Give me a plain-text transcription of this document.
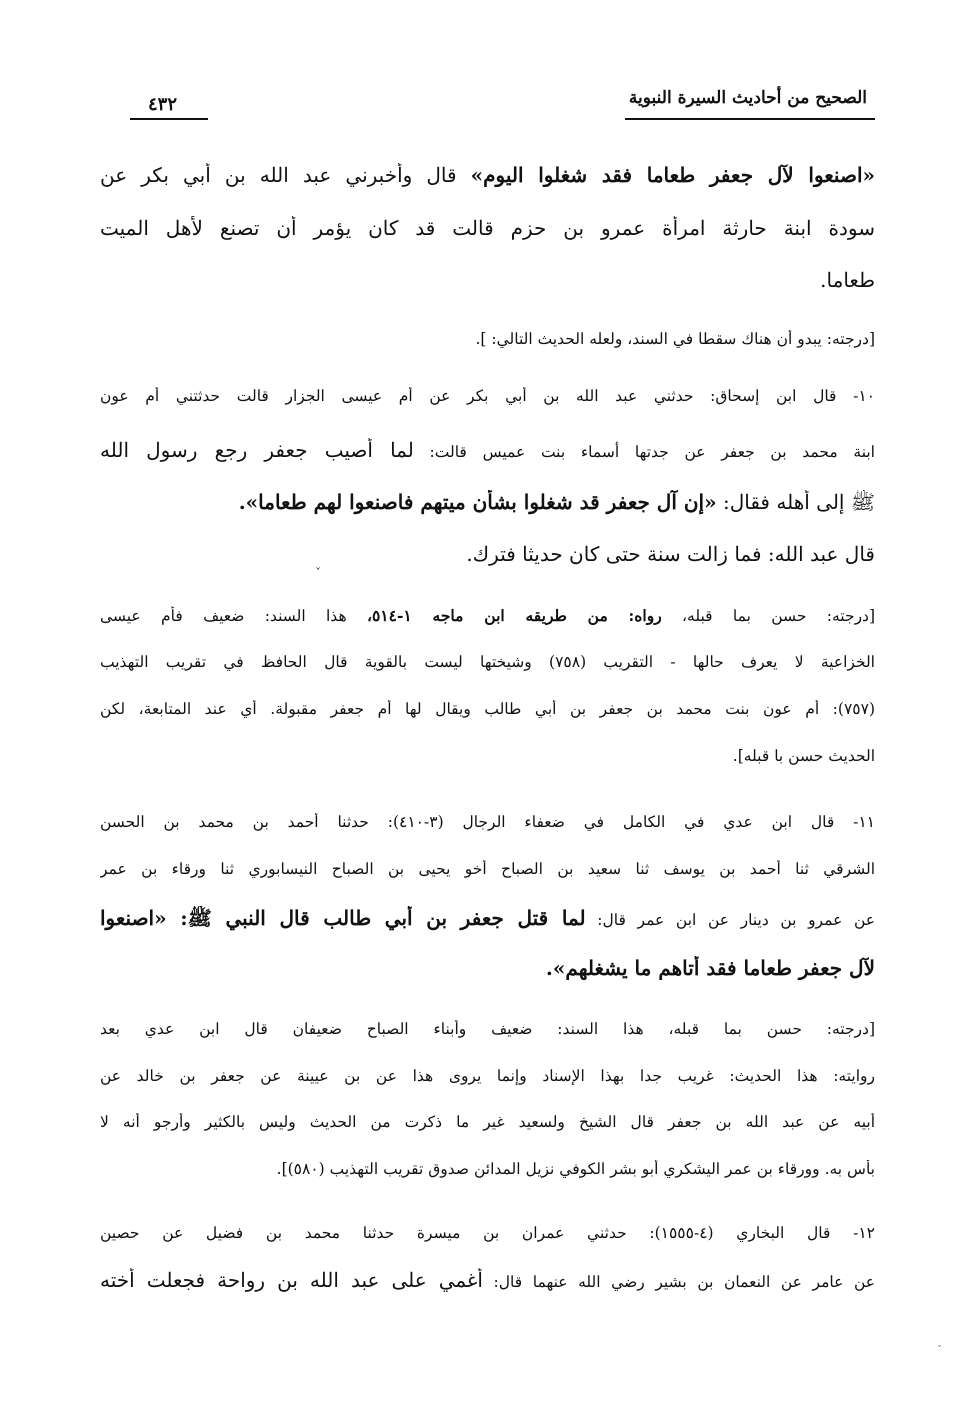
الصحيح من أحاديث السيرة النبوية
٤٣٢
«اصنعوا لآل جعفر طعاما فقد شغلوا اليوم» قال وأخبرني عبد الله بن أبي بكر عن
سودة ابنة حارثة امرأة عمرو بن حزم قالت قد كان يؤمر أن تصنع لأهل الميت
طعاما.
[درجته: يبدو أن هناك سقطا في السند، ولعله الحديث التالي: ].
١٠- قال ابن إسحاق: حدثني عبد الله بن أبي بكر عن أم عيسى الجزار قالت حدثتني أم عون
ابنة محمد بن جعفر عن جدتها أسماء بنت عميس قالت: لما أصيب جعفر رجع رسول الله
ﷺ إلى أهله فقال: «إن آل جعفر قد شغلوا بشأن ميتهم فاصنعوا لهم طعاما».
قال عبد الله: فما زالت سنة حتى كان حديثا فترك.
ˇ
[درجته: حسن بما قبله، رواه: من طريقه ابن ماجه ١-٥١٤، هذا السند: ضعيف فأم عيسى
الخزاعية لا يعرف حالها - التقريب (٧٥٨) وشيختها ليست بالقوية قال الحافظ في تقريب التهذيب
(٧٥٧): أم عون بنت محمد بن جعفر بن أبي طالب ويقال لها أم جعفر مقبولة. أي عند المتابعة، لكن
الحديث حسن با قبله].
١١- قال ابن عدي في الكامل في ضعفاء الرجال (٣-٤١٠): حدثنا أحمد بن محمد بن الحسن
الشرقي ثنا أحمد بن يوسف ثنا سعيد بن الصباح أخو يحيى بن الصباح النيسابوري ثنا ورقاء بن عمر
عن عمرو بن دينار عن ابن عمر قال: لما قتل جعفر بن أبي طالب قال النبي ﷺ: «اصنعوا
لآل جعفر طعاما فقد أتاهم ما يشغلهم».
[درجته: حسن بما قبله، هذا السند: ضعيف وأبناء الصباح ضعيفان قال ابن عدي بعد
روايته: هذا الحديث: غريب جدا بهذا الإسناد وإنما يروى هذا عن بن عيينة عن جعفر بن خالد عن
أبيه عن عبد الله بن جعفر قال الشيخ ولسعيد غير ما ذكرت من الحديث وليس بالكثير وأرجو أنه لا
بأس به. وورقاء بن عمر اليشكري أبو بشر الكوفي نزيل المدائن صدوق تقريب التهذيب (٥٨٠)].
١٢- قال البخاري (٤-١٥٥٥): حدثني عمران بن ميسرة حدثنا محمد بن فضيل عن حصين
عن عامر عن النعمان بن بشير رضي الله عنهما قال: أغمي على عبد الله بن رواحة فجعلت أخته
